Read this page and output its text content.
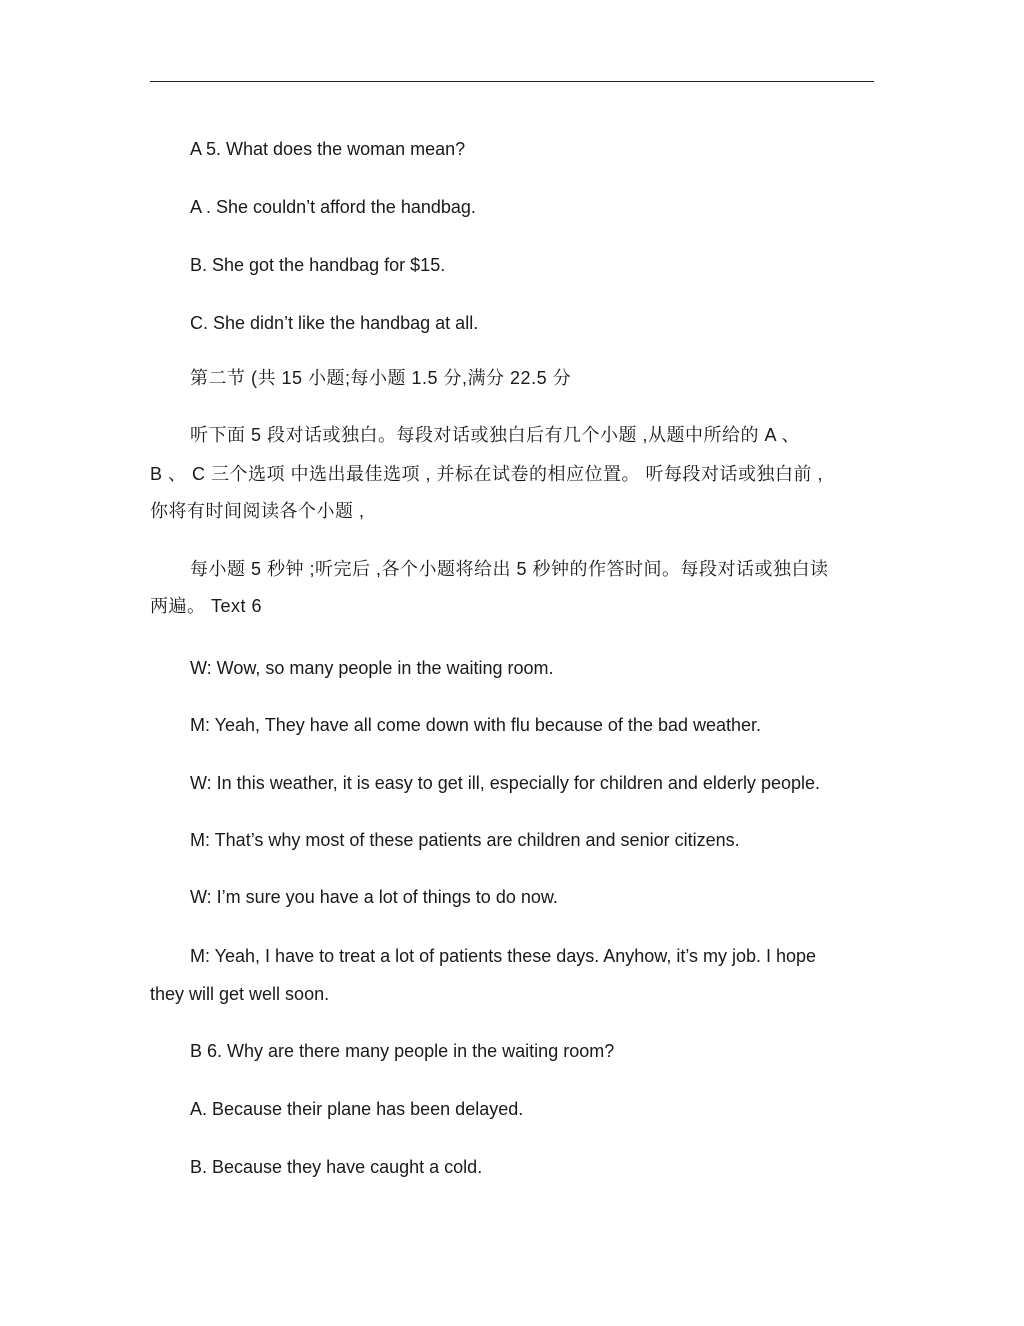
A 5. What does the woman mean?

A . She couldn’t afford the handbag.

B. She got the handbag for $15.

C. She didn’t like the handbag at all.

第二节 (共 15 小题;每小题 1.5 分,满分 22.5 分

听下面 5 段对话或独白。每段对话或独白后有几个小题 ,从题中所给的 A 、

B 、 C 三个选项 中选出最佳选项 , 并标在试卷的相应位置。 听每段对话或独白前 ,

你将有时间阅读各个小题 ,

每小题 5 秒钟 ;听完后 ,各个小题将给出 5 秒钟的作答时间。每段对话或独白读

两遍。 Text 6

W: Wow, so many people in the waiting room.

M: Yeah, They have all come down with flu because of the bad weather.

W: In this weather, it is easy to get ill, especially for children and elderly people.

M: That’s why most of these patients are children and senior citizens.

W: I’m sure you have a lot of things to do now.

M: Yeah, I have to treat a lot of patients these days. Anyhow, it’s my job. I hope

they will get well soon.

B 6. Why are there many people in the waiting room?

A. Because their plane has been delayed.

B. Because they have caught a cold.
